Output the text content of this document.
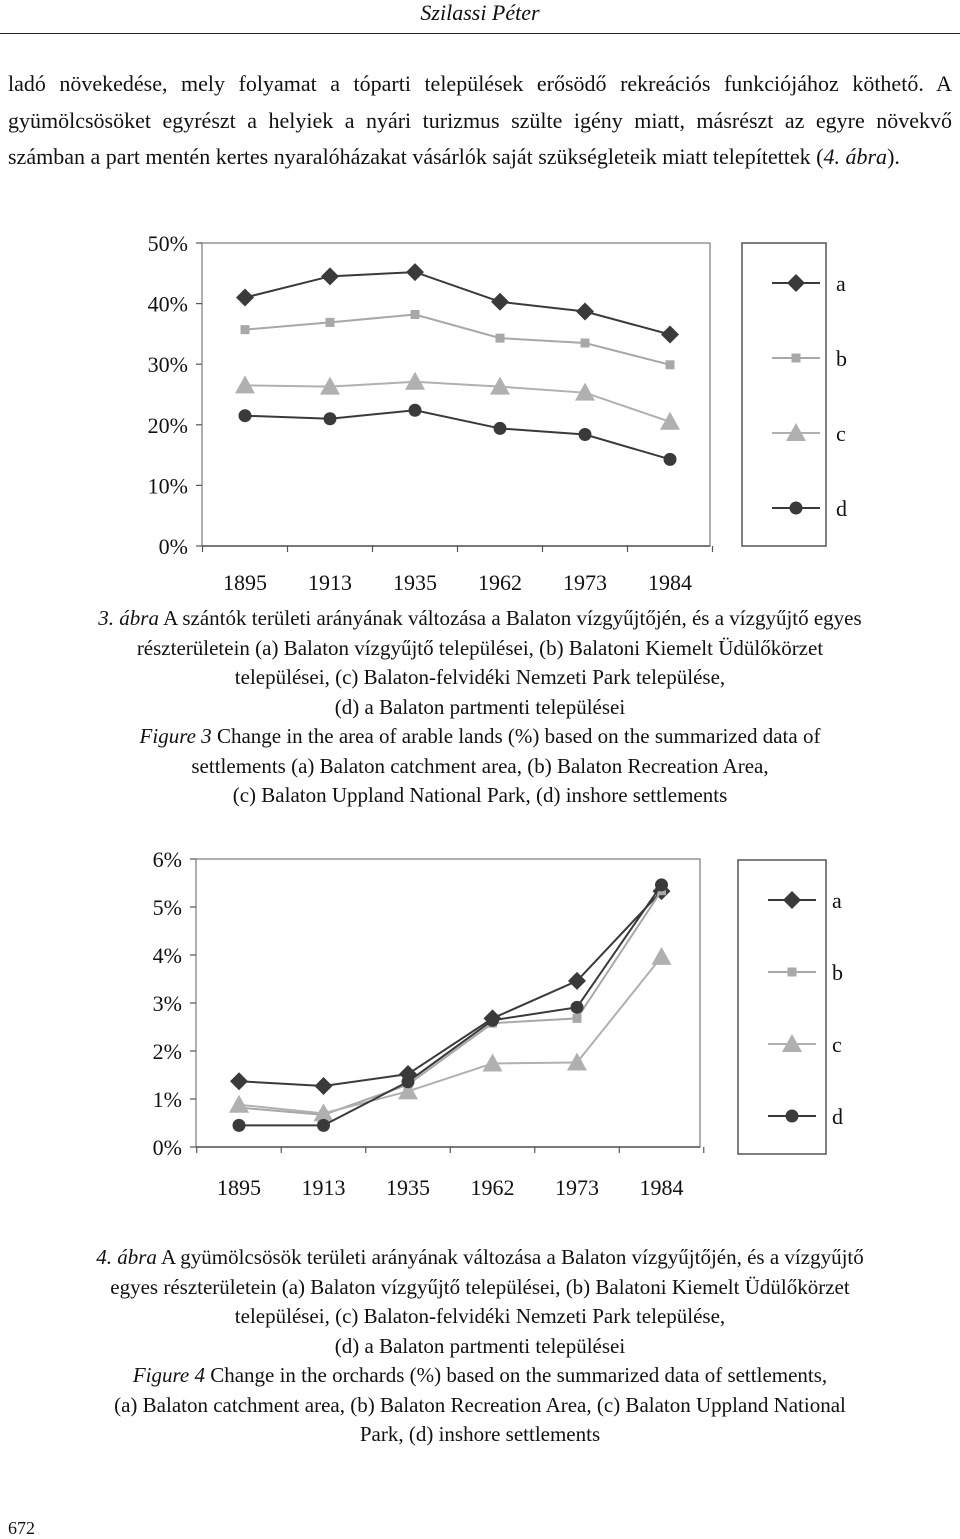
Szilassi Péter
ladó növekedése, mely folyamat a tóparti települések erősödő rekreációs funkciójához köthető. A gyümölcsösöket egyrészt a helyiek a nyári turizmus szülte igény miatt, másrészt az egyre növekvő számban a part mentén kertes nyaralóházakat vásárlók saját szükségleteik miatt telepítettek (4. ábra).
0%
10%
20%
30%
40%
50%
1895 1913 1935 1962 1973 1984
a
b
c
d
3. ábra A szántók területi arányának változása a Balaton vízgyűjtőjén, és a vízgyűjtő egyes
részterületein (a) Balaton vízgyűjtő települései, (b) Balatoni Kiemelt Üdülőkörzet
települései, (c) Balaton-felvidéki Nemzeti Park települése,
(d) a Balaton partmenti települései
Figure 3 Change in the area of arable lands (%) based on the summarized data of
settlements (a) Balaton catchment area, (b) Balaton Recreation Area,
(c) Balaton Uppland National Park, (d) inshore settlements
0%
1%
2%
3%
4%
5%
6%
1895 1913 1935 1962 1973 1984
a
b
c
d
4. ábra A gyümölcsösök területi arányának változása a Balaton vízgyűjtőjén, és a vízgyűjtő
egyes részterületein (a) Balaton vízgyűjtő települései, (b) Balatoni Kiemelt Üdülőkörzet
települései, (c) Balaton-felvidéki Nemzeti Park települése,
(d) a Balaton partmenti települései
Figure 4 Change in the orchards (%) based on the summarized data of settlements,
(a) Balaton catchment area, (b) Balaton Recreation Area, (c) Balaton Uppland National
Park, (d) inshore settlements
672
